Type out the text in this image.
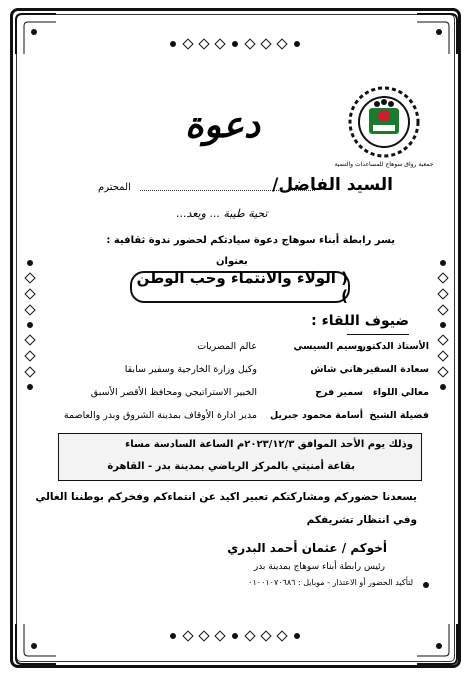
جمعية رواق سوهاج للمساعدات والتنمية
دعوة
السيد الفاضل/
المحترم
تحية طيبة ... وبعد...
يسر رابطة أبناء سوهاج دعوة سيادتكم لحضور ندوة ثقافية :
بعنوان
( الولاء والانتماء وحب الوطن )
ضيوف اللقاء :
الأستاذ الدكتور
وسيم السيسي
عالم المصريات
سعادة السفير
هاني شاش
وكيل وزارة الخارجية وسفير سابقا
معالي اللواء
سمير فرج
الخبير الاستراتيجي ومحافظ الأقصر الأسبق
فضيلة الشيخ
أسامة محمود جبريل
مدير ادارة الأوقاف بمدينة الشروق وبدر والعاصمة
وذلك يوم الأحد الموافق ٢٠٢٣/١٢/٣م الساعة السادسة مساء
بقاعة أمنيتي بالمركز الرياضي بمدينة بدر - القاهرة
يسعدنا حضوركم ومشاركتكم تعبير اكيد عن انتماءكم وفخركم بوطننا الغالي
وفي انتظار تشريفكم
أخوكم / عثمان أحمد البدري
رئيس رابطة أبناء سوهاج بمدينة بدر
لتأكيد الحضور أو الاعتذار - موبايل : ٠١٠٠١٠٧٠٦٨٦
